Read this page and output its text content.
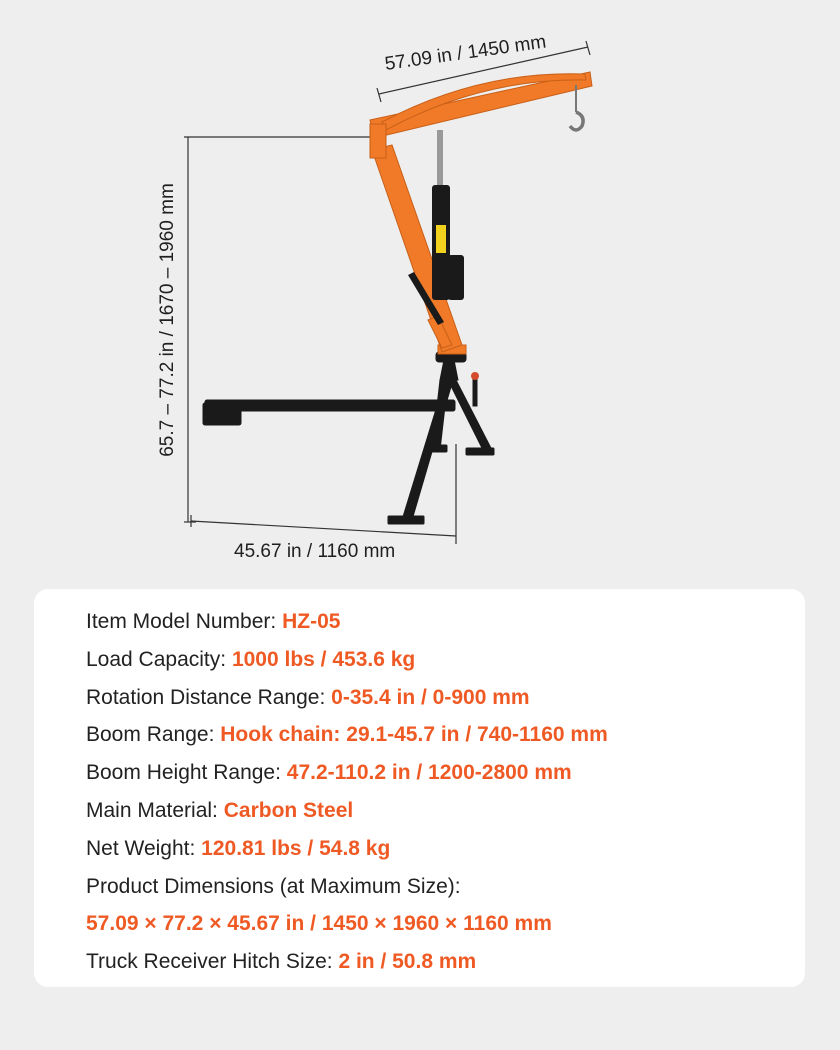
57.09 in / 1450 mm
65.7 – 77.2 in / 1670 – 1960 mm
45.67 in / 1160 mm
Item Model Number: HZ-05
Load Capacity: 1000 lbs / 453.6 kg
Rotation Distance Range: 0-35.4 in / 0-900 mm
Boom Range: Hook chain: 29.1-45.7 in / 740-1160 mm
Boom Height Range: 47.2-110.2 in / 1200-2800 mm
Main Material: Carbon Steel
Net Weight: 120.81 lbs / 54.8 kg
Product Dimensions (at Maximum Size):
57.09 × 77.2 × 45.67 in / 1450 × 1960 × 1160 mm
Truck Receiver Hitch Size: 2 in / 50.8 mm
